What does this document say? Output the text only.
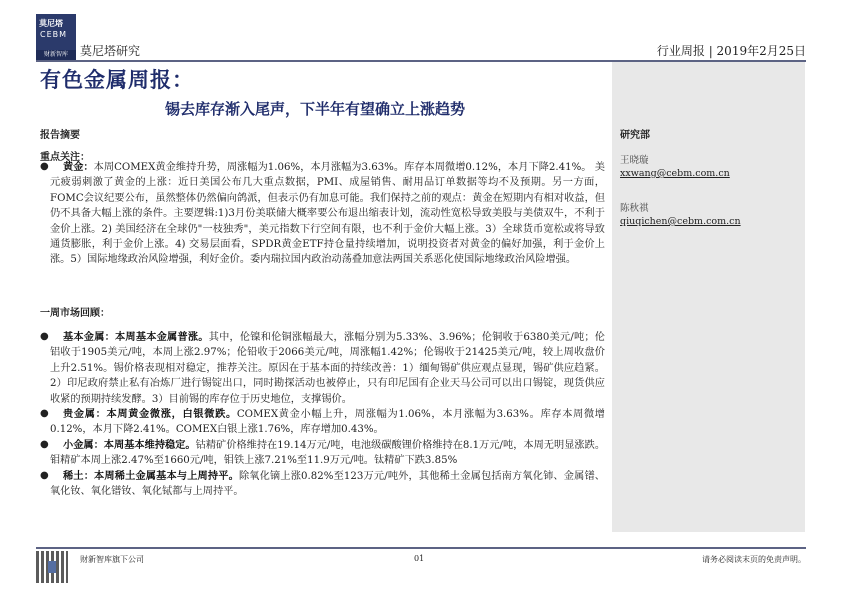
莫尼塔
CEBM
财新智库	莫尼塔研究	行业周报 | 2019年2月25日
有色金属周报：
锡去库存渐入尾声，下半年有望确立上涨趋势
研究部
王晓璇
xxwang@cebm.com.cn
陈秋祺
qiuqichen@cebm.com.cn
报告摘要
重点关注：
●	黄金：本周COMEX黄金维持升势，周涨幅为1.06%，本月涨幅为3.63%。库存本周微增0.12%，本月下降2.41%。 美元疲弱刺激了黄金的上涨：近日美国公布几大重点数据，PMI、成屋销售、耐用品订单数据等均不及预期。另一方面，FOMC会议纪要公布，虽然整体仍然偏向鸽派，但表示仍有加息可能。我们保持之前的观点：黄金在短期内有相对收益，但仍不具备大幅上涨的条件。主要逻辑:1)3月份美联储大概率要公布退出缩表计划，流动性宽松导致美股与美债双牛，不利于金价上涨。2) 美国经济在全球仍"一枝独秀"，美元指数下行空间有限，也不利于金价大幅上涨。3）全球货币宽松或将导致通货膨胀，利于金价上涨。4) 交易层面看，SPDR黄金ETF持仓量持续增加，说明投资者对黄金的偏好加强，利于金价上涨。5）国际地缘政治风险增强，利好金价。委内瑞拉国内政治动荡叠加意法两国关系恶化使国际地缘政治风险增强。
一周市场回顾：
●	基本金属：本周基本金属普涨。其中，伦镍和伦铜涨幅最大，涨幅分别为5.33%、3.96%；伦铜收于6380美元/吨；伦铝收于1905美元/吨，本周上涨2.97%；伦铅收于2066美元/吨，周涨幅1.42%；伦锡收于21425美元/吨，较上周收盘价上升2.51%。锡价格表现相对稳定，推荐关注。原因在于基本面的持续改善：1）缅甸锡矿供应观点显现，锡矿供应趋紧。2）印尼政府禁止私有冶炼厂进行锡锭出口，同时勘探活动也被停止，只有印尼国有企业天马公司可以出口锡锭，现货供应收紧的预期持续发酵。3）目前锡的库存位于历史地位，支撑锡价。
●	贵金属：本周黄金微涨，白银微跌。COMEX黄金小幅上升，周涨幅为1.06%，本月涨幅为3.63%。库存本周微增0.12%，本月下降2.41%。COMEX白银上涨1.76%，库存增加0.43%。
●	小金属：本周基本维持稳定。钴精矿价格维持在19.14万元/吨，电池级碳酸锂价格维持在8.1万元/吨，本周无明显涨跌。钼精矿本周上涨2.47%至1660元/吨，钼铁上涨7.21%至11.9万元/吨。钛精矿下跌3.85%
●	稀土：本周稀土金属基本与上周持平。除氧化镝上涨0.82%至123万元/吨外，其他稀土金属包括南方氧化铈、金属镨、氧化钕、氧化镨钕、氧化铽都与上周持平。
财新智库旗下公司	01	请务必阅读末页的免责声明。
